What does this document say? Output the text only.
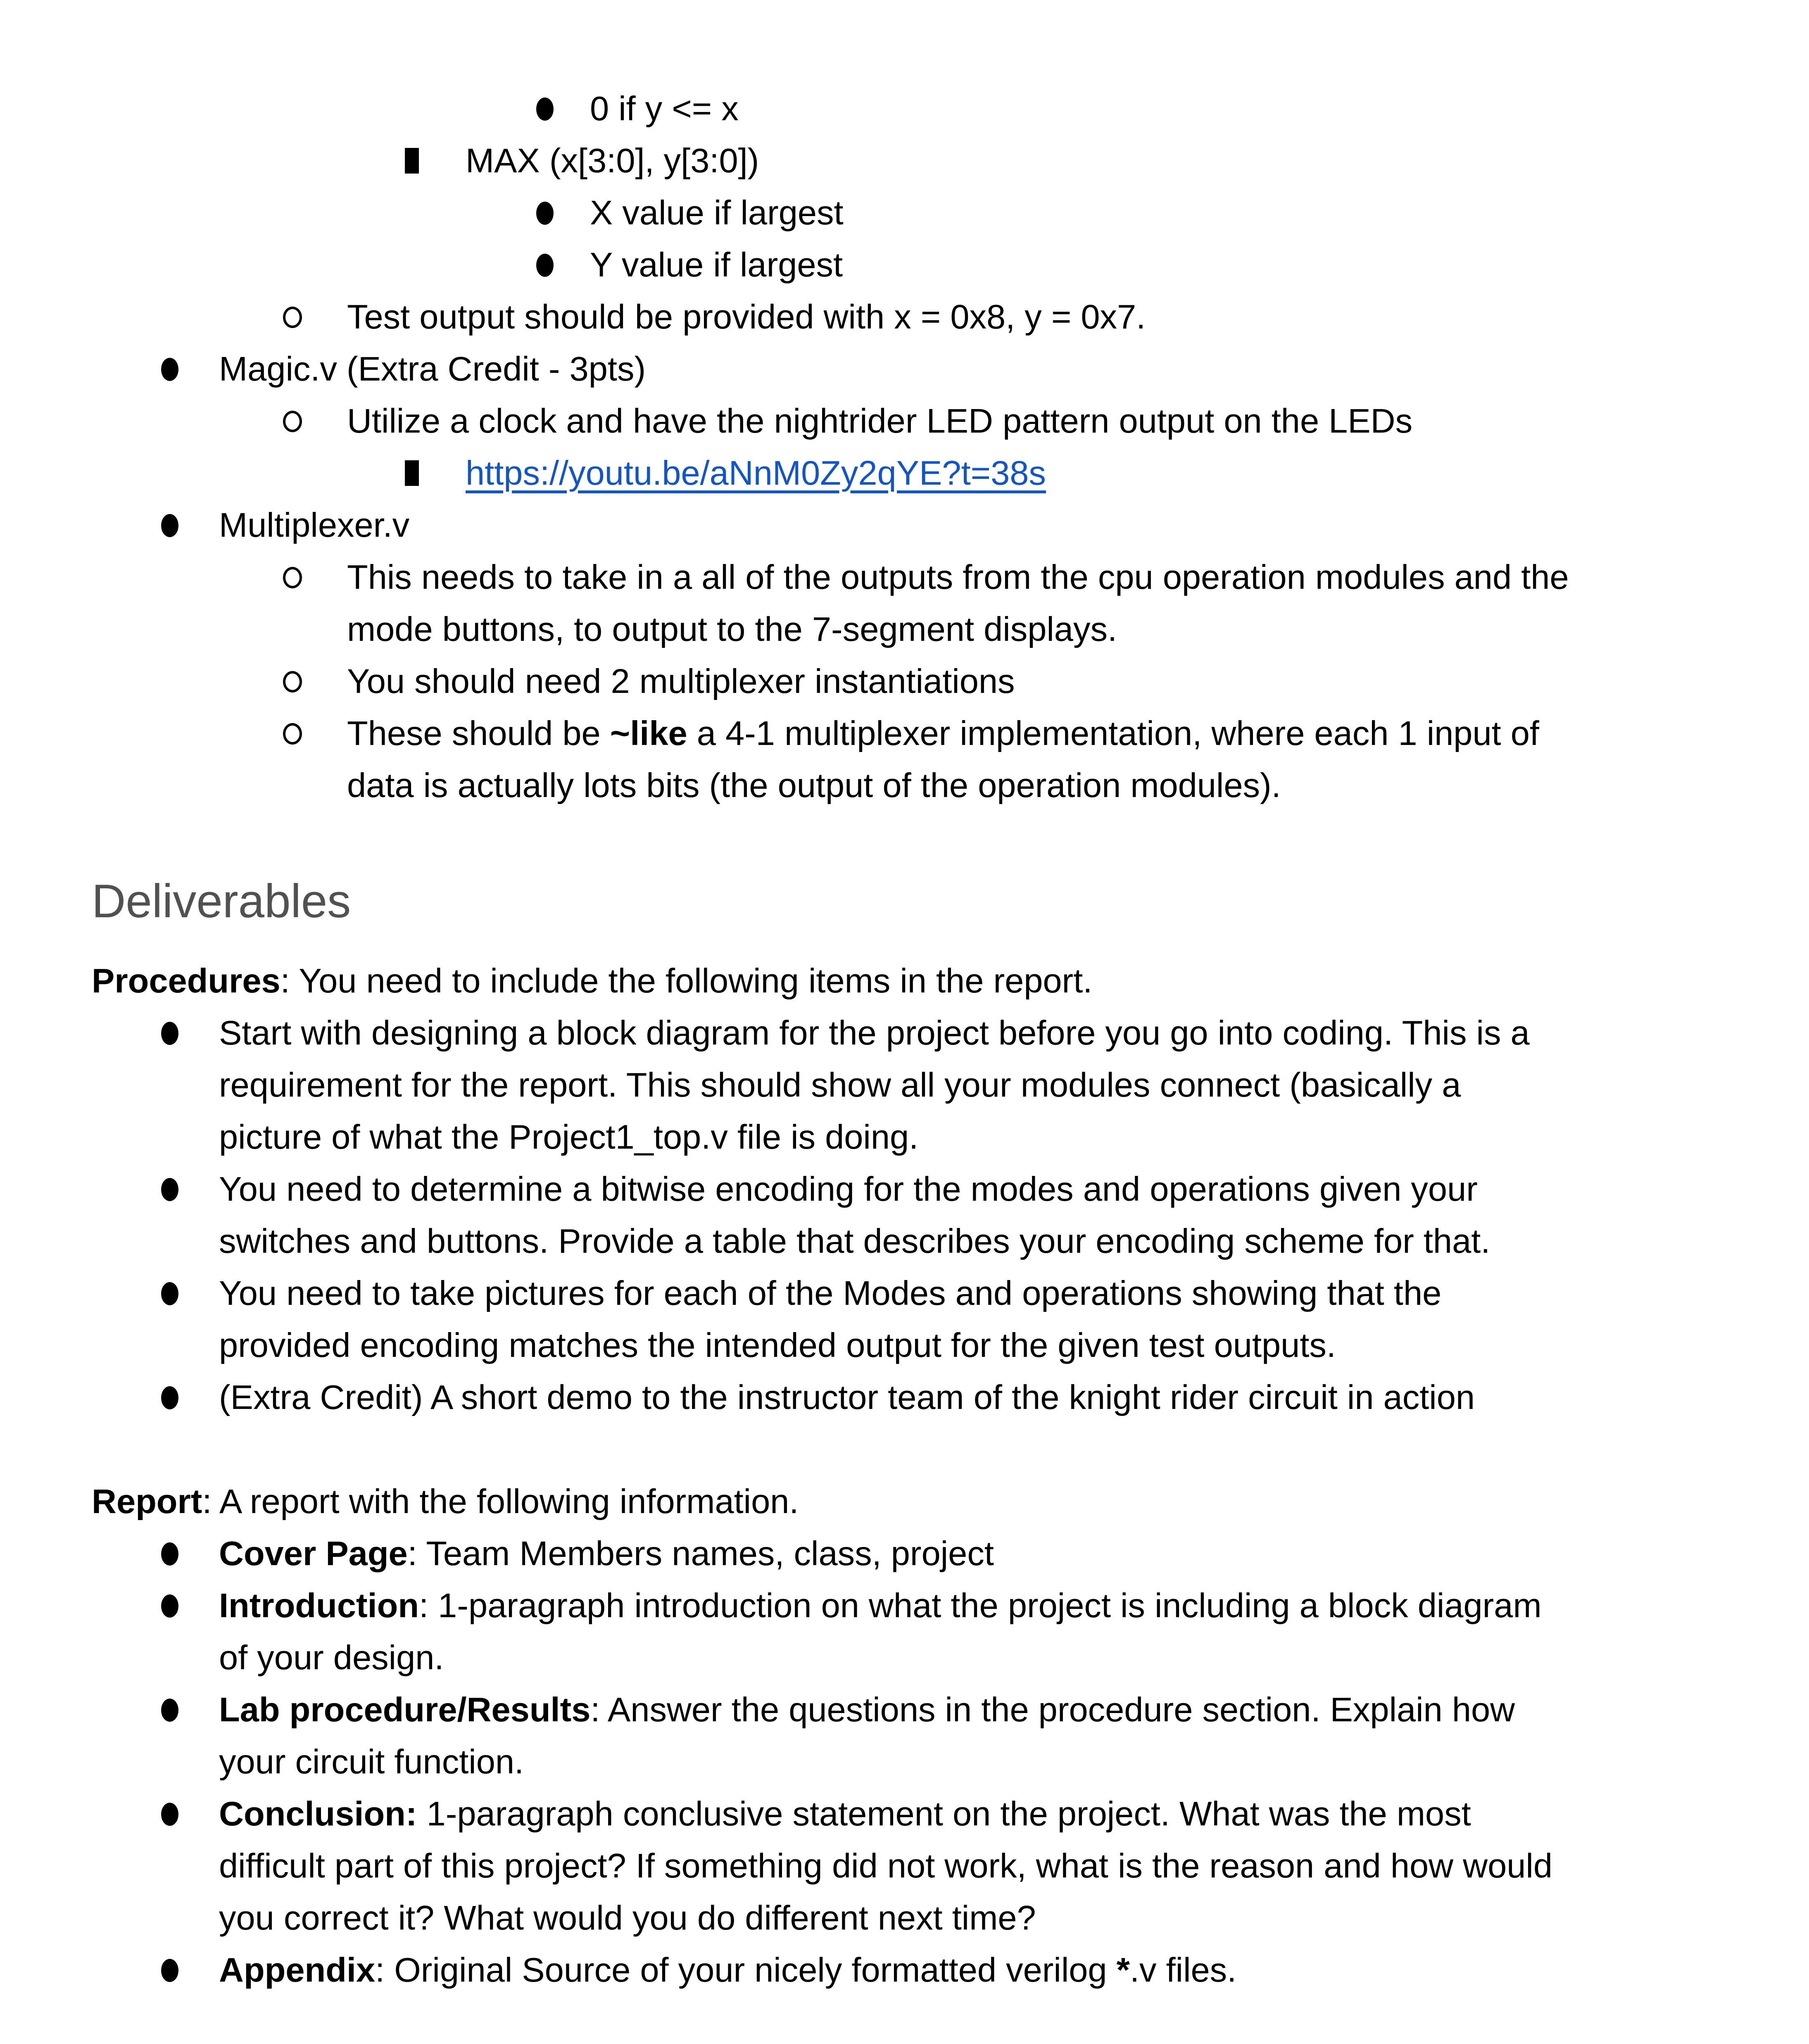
0 if y <= x
MAX (x[3:0], y[3:0])
X value if largest
Y value if largest
Test output should be provided with x = 0x8, y = 0x7.
Magic.v (Extra Credit - 3pts)
Utilize a clock and have the nightrider LED pattern output on the LEDs
https://youtu.be/aNnM0Zy2qYE?t=38s
Multiplexer.v
This needs to take in a all of the outputs from the cpu operation modules and the
mode buttons, to output to the 7-segment displays.
You should need 2 multiplexer instantiations
These should be ~like a 4-1 multiplexer implementation, where each 1 input of
data is actually lots bits (the output of the operation modules).
Deliverables
Procedures: You need to include the following items in the report.
Start with designing a block diagram for the project before you go into coding. This is a
requirement for the report. This should show all your modules connect (basically a
picture of what the Project1_top.v file is doing.
You need to determine a bitwise encoding for the modes and operations given your
switches and buttons. Provide a table that describes your encoding scheme for that.
You need to take pictures for each of the Modes and operations showing that the
provided encoding matches the intended output for the given test outputs.
(Extra Credit) A short demo to the instructor team of the knight rider circuit in action
Report: A report with the following information.
Cover Page: Team Members names, class, project
Introduction: 1-paragraph introduction on what the project is including a block diagram
of your design.
Lab procedure/Results: Answer the questions in the procedure section. Explain how
your circuit function.
Conclusion: 1-paragraph conclusive statement on the project. What was the most
difficult part of this project? If something did not work, what is the reason and how would
you correct it? What would you do different next time?
Appendix: Original Source of your nicely formatted verilog *.v files.
